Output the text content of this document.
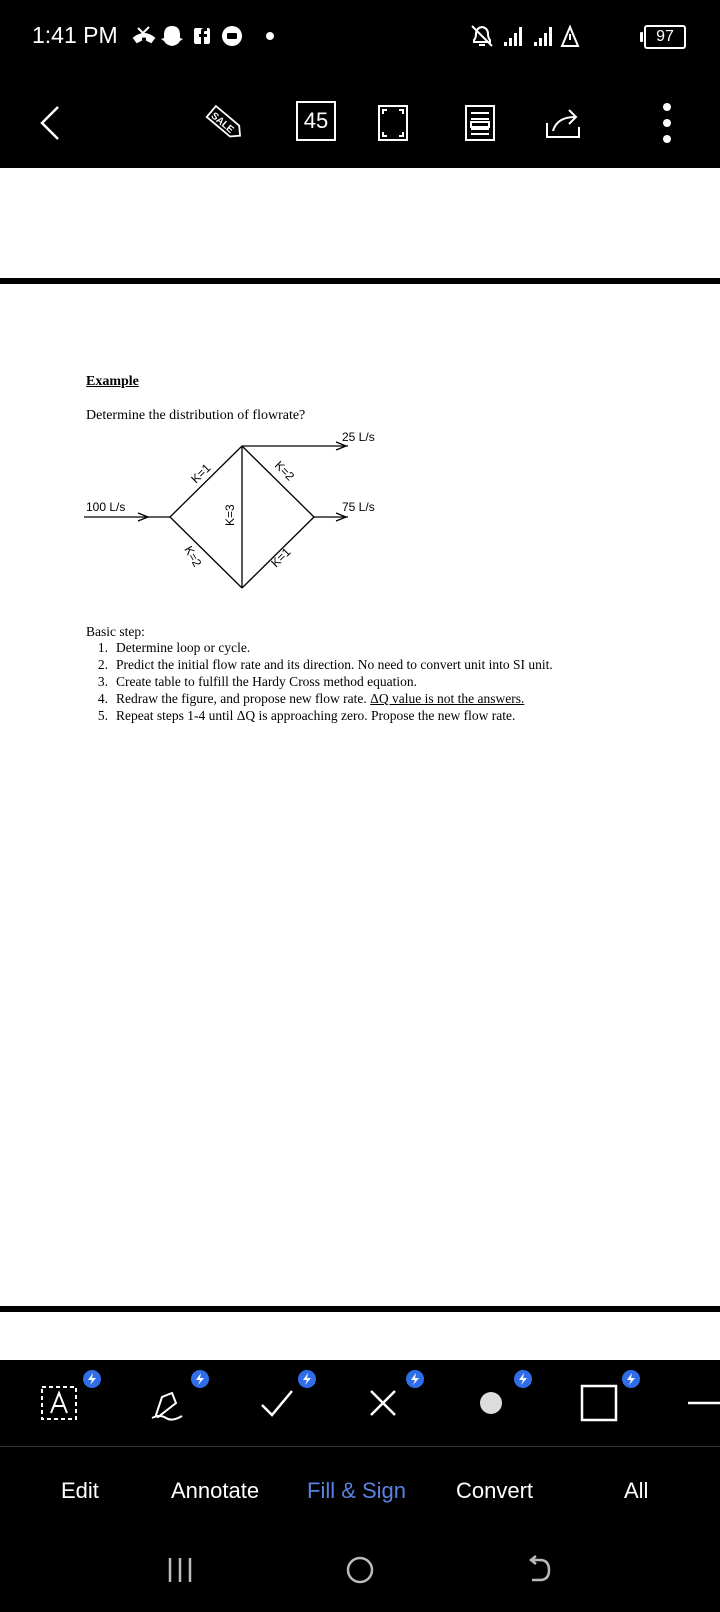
1:41 PM	97
SALE	45
Example
Determine the distribution of flowrate?
100 L/s
25 L/s
75 L/s
K=1	K=2
K=3
K=2	K=1
Basic step:
1. Determine loop or cycle.
2. Predict the initial flow rate and its direction. No need to convert unit into SI unit.
3. Create table to fulfill the Hardy Cross method equation.
4. Redraw the figure, and propose new flow rate. ΔQ value is not the answers.
5. Repeat steps 1-4 until ΔQ is approaching zero. Propose the new flow rate.
Edit	Annotate Fill & Sign Convert	All
